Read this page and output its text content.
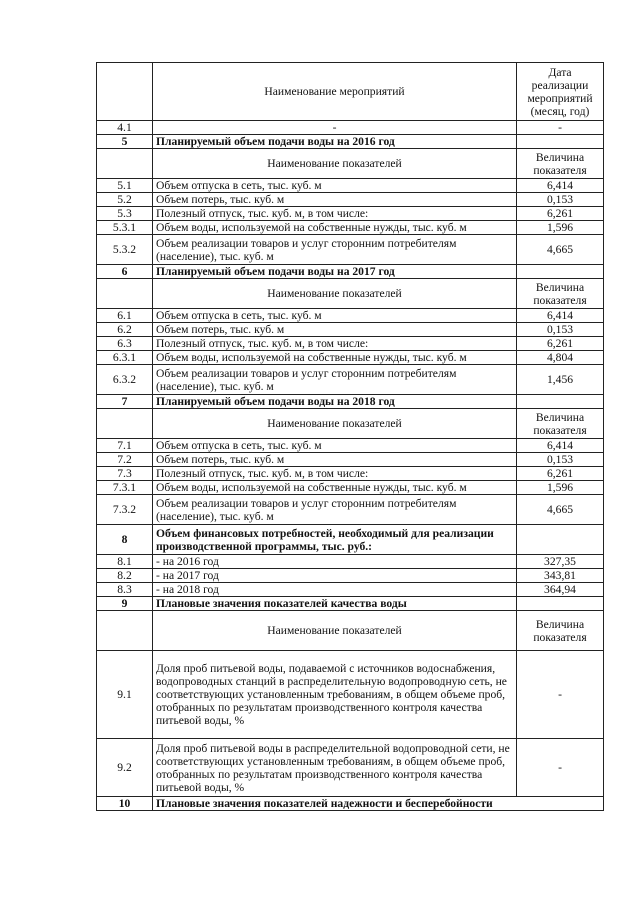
	Наименование мероприятий	Дата реализации мероприятий (месяц, год)
4.1	-	-
5	Планируемый объем подачи воды на 2016 год	
	Наименование показателей	Величина показателя
5.1	Объем отпуска в сеть, тыс. куб. м	6,414
5.2	Объем потерь, тыс. куб. м	0,153
5.3	Полезный отпуск, тыс. куб. м, в том числе:	6,261
5.3.1	Объем воды, используемой на собственные нужды, тыс. куб. м	1,596
5.3.2	Объем реализации товаров и услуг сторонним потребителям (население), тыс. куб. м	4,665
6	Планируемый объем подачи воды на 2017 год	
	Наименование показателей	Величина показателя
6.1	Объем отпуска в сеть, тыс. куб. м	6,414
6.2	Объем потерь, тыс. куб. м	0,153
6.3	Полезный отпуск, тыс. куб. м, в том числе:	6,261
6.3.1	Объем воды, используемой на собственные нужды, тыс. куб. м	4,804
6.3.2	Объем реализации товаров и услуг сторонним потребителям (население), тыс. куб. м	1,456
7	Планируемый объем подачи воды на 2018 год	
	Наименование показателей	Величина показателя
7.1	Объем отпуска в сеть, тыс. куб. м	6,414
7.2	Объем потерь, тыс. куб. м	0,153
7.3	Полезный отпуск, тыс. куб. м, в том числе:	6,261
7.3.1	Объем воды, используемой на собственные нужды, тыс. куб. м	1,596
7.3.2	Объем реализации товаров и услуг сторонним потребителям (население), тыс. куб. м	4,665
8	Объем финансовых потребностей, необходимый для реализации производственной программы, тыс. руб.:	
8.1	- на 2016 год	327,35
8.2	- на 2017 год	343,81
8.3	- на 2018 год	364,94
9	Плановые значения показателей качества воды	
	Наименование показателей	Величина показателя
9.1	Доля проб питьевой воды, подаваемой с источников водоснабжения, водопроводных станций в распределительную водопроводную сеть, не соответствующих установленным требованиям, в общем объеме проб, отобранных по результатам производственного контроля качества питьевой воды, %	-
9.2	Доля проб питьевой воды в распределительной водопроводной сети, не соответствующих установленным требованиям, в общем объеме проб, отобранных по результатам производственного контроля качества питьевой воды, %	-
10	Плановые значения показателей надежности и бесперебойности	
